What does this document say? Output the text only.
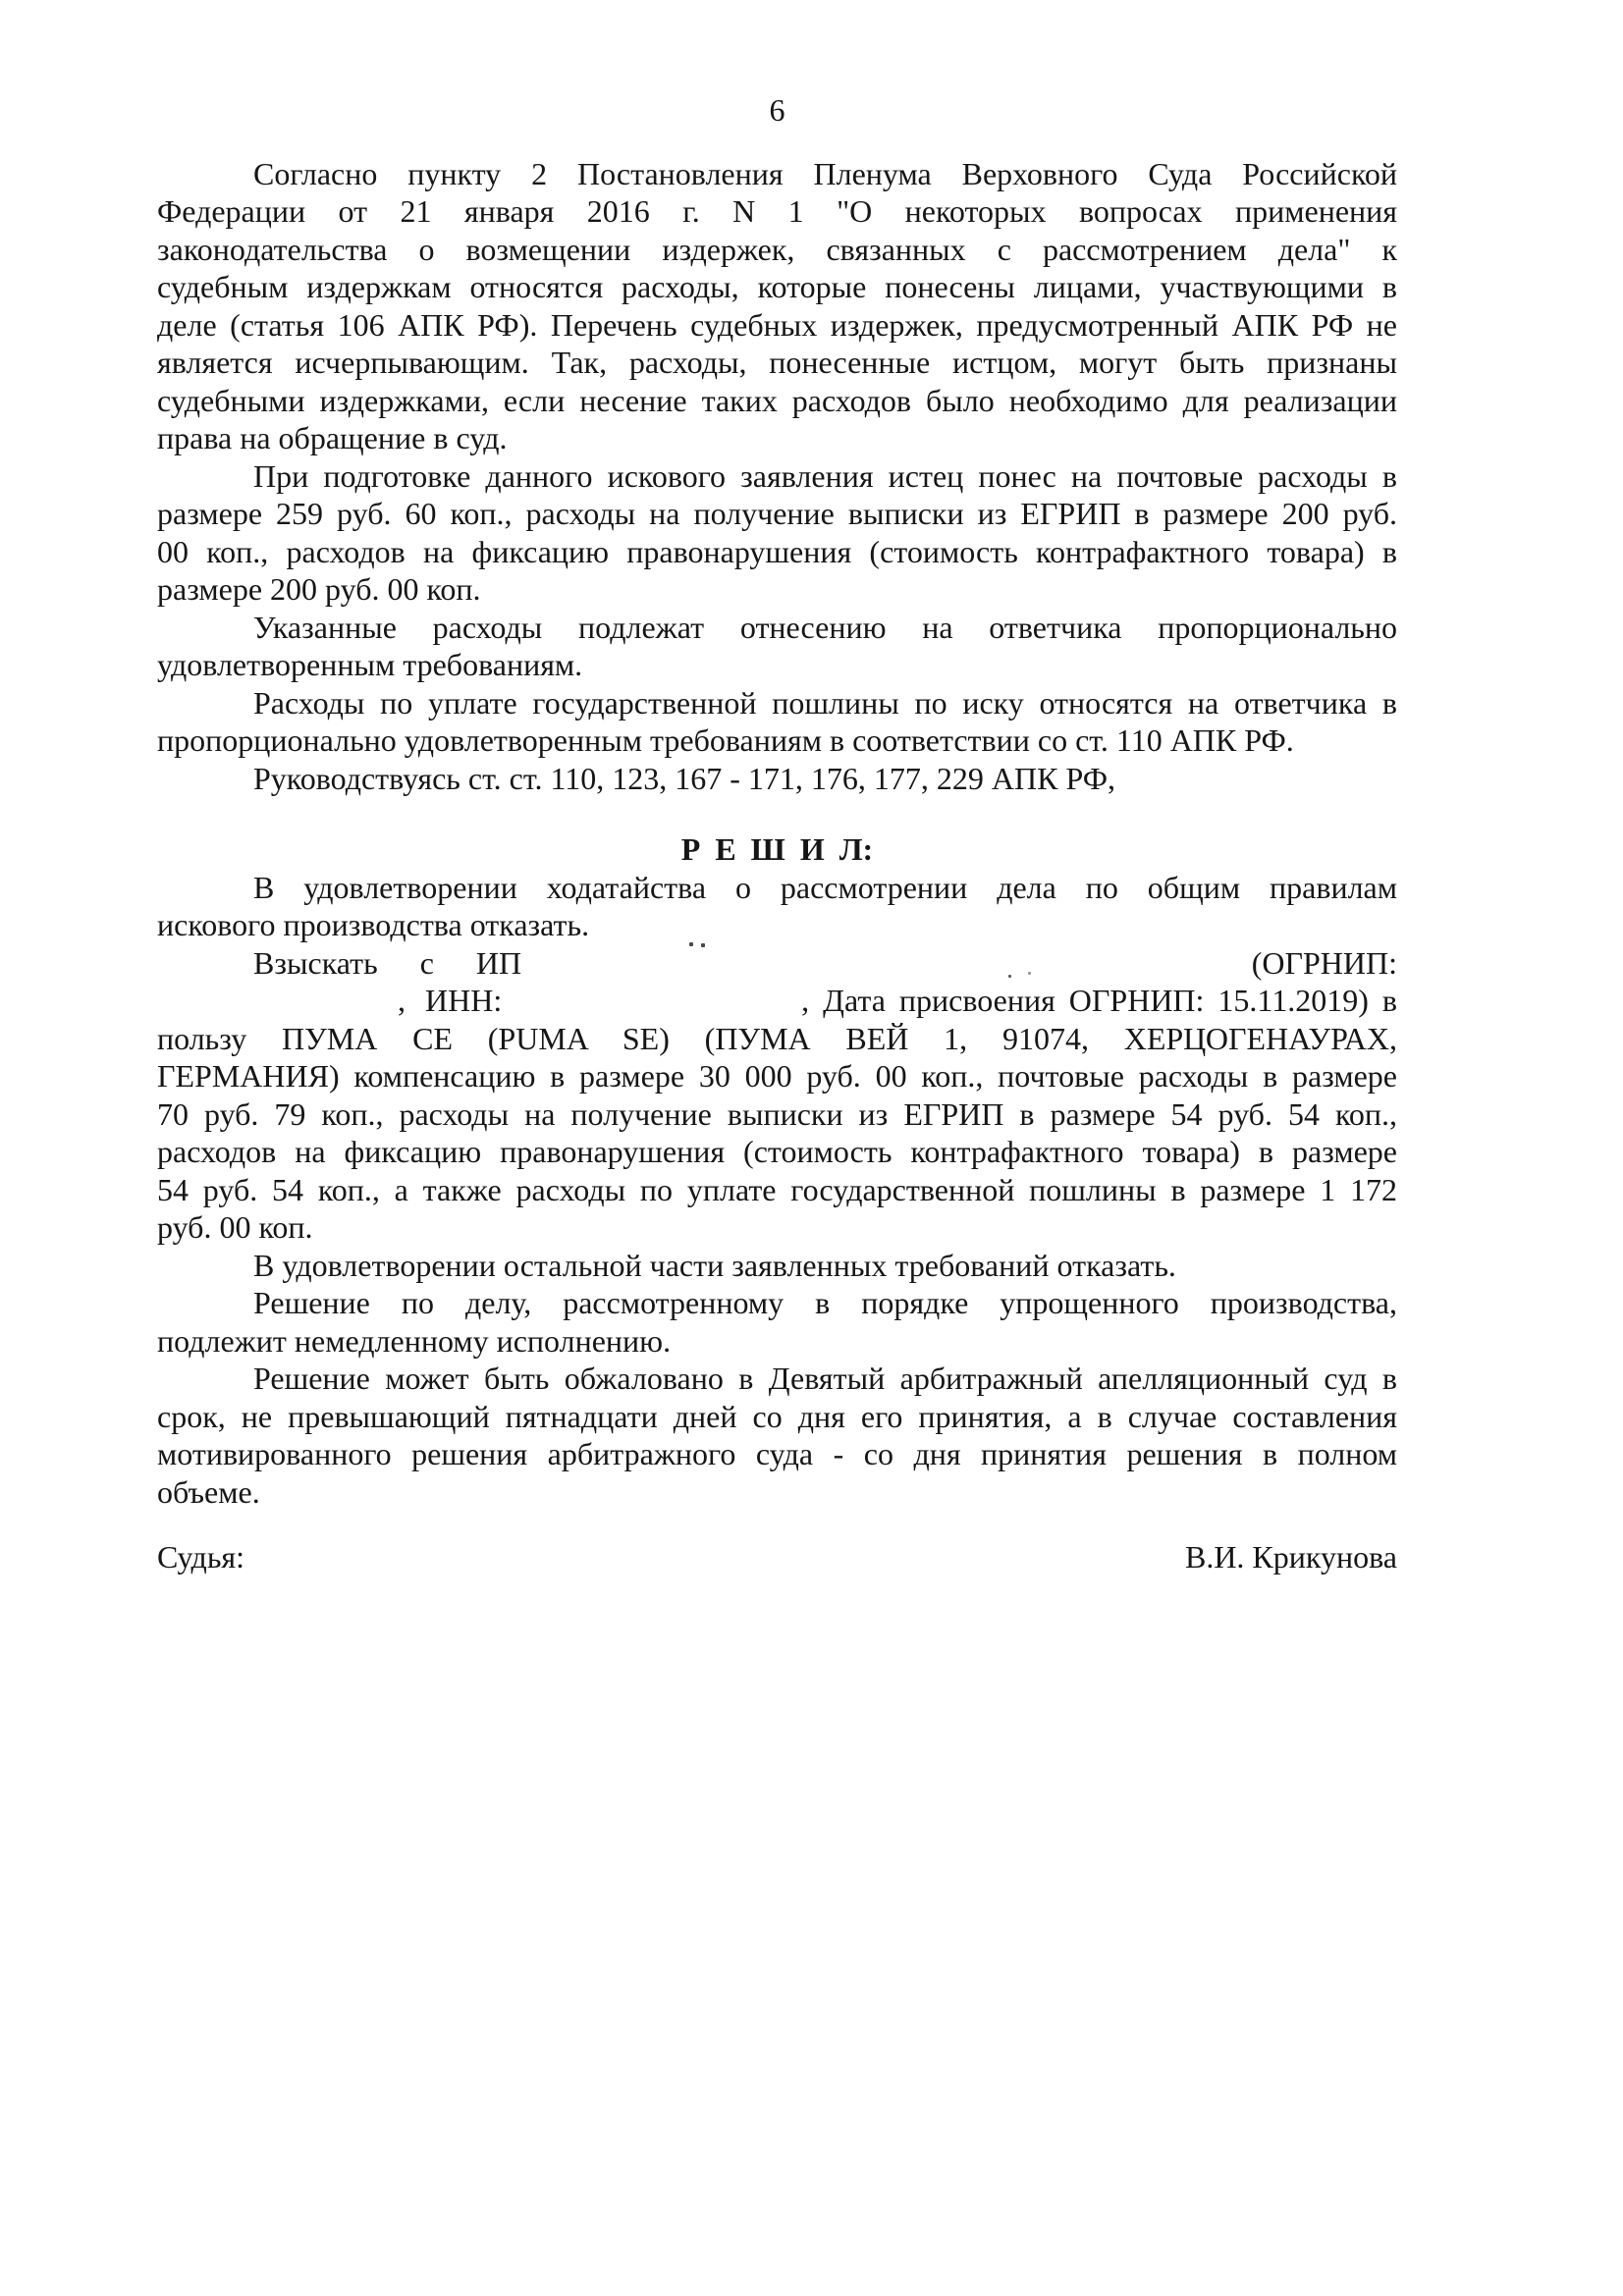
6
Согласно пункту 2 Постановления Пленума Верховного Суда Российской
Федерации от 21 января 2016 г. N 1 "О некоторых вопросах применения
законодательства о возмещении издержек, связанных с рассмотрением дела" к
судебным издержкам относятся расходы, которые понесены лицами, участвующими в
деле (статья 106 АПК РФ). Перечень судебных издержек, предусмотренный АПК РФ не
является исчерпывающим. Так, расходы, понесенные истцом, могут быть признаны
судебными издержками, если несение таких расходов было необходимо для реализации
права на обращение в суд.
При подготовке данного искового заявления истец понес на почтовые расходы в
размере 259 руб. 60 коп., расходы на получение выписки из ЕГРИП в размере 200 руб.
00 коп., расходов на фиксацию правонарушения (стоимость контрафактного товара) в
размере 200 руб. 00 коп.
Указанные расходы подлежат отнесению на ответчика пропорционально
удовлетворенным требованиям.
Расходы по уплате государственной пошлины по иску относятся на ответчика в
пропорционально удовлетворенным требованиям в соответствии со ст. 110 АПК РФ.
Руководствуясь ст. ст. 110, 123, 167 - 171, 176, 177, 229 АПК РФ,
Р Е Ш И Л:
В удовлетворении ходатайства о рассмотрении дела по общим правилам
искового производства отказать.
Взыскать с ИП	(ОГРНИП:
, ИНН:	, Дата присвоения ОГРНИП: 15.11.2019) в
пользу ПУМА СЕ (PUMA SE) (ПУМА ВЕЙ 1, 91074, ХЕРЦОГЕНАУРАХ,
ГЕРМАНИЯ) компенсацию в размере 30 000 руб. 00 коп., почтовые расходы в размере
70 руб. 79 коп., расходы на получение выписки из ЕГРИП в размере 54 руб. 54 коп.,
расходов на фиксацию правонарушения (стоимость контрафактного товара) в размере
54 руб. 54 коп., а также расходы по уплате государственной пошлины в размере 1 172
руб. 00 коп.
В удовлетворении остальной части заявленных требований отказать.
Решение по делу, рассмотренному в порядке упрощенного производства,
подлежит немедленному исполнению.
Решение может быть обжаловано в Девятый арбитражный апелляционный суд в
срок, не превышающий пятнадцати дней со дня его принятия, а в случае составления
мотивированного решения арбитражного суда - со дня принятия решения в полном
объеме.
Судья:	В.И. Крикунова
